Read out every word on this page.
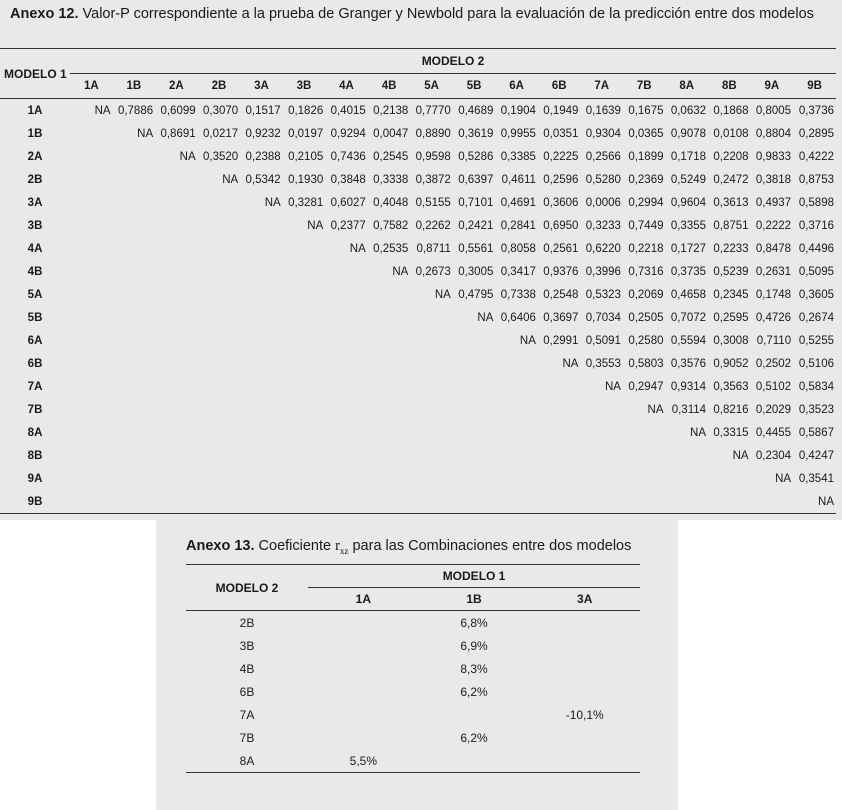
Anexo 12. Valor-P correspondiente a la prueba de Granger y Newbold para la evaluación de la predicción entre dos modelos
MODELO 1	MODELO 2																	
	1A	1B	2A	2B	3A	3B	4A	4B	5A	5B	6A	6B	7A	7B	8A	8B	9A	9B
1A	NA	0,7886	0,6099	0,3070	0,1517	0,1826	0,4015	0,2138	0,7770	0,4689	0,1904	0,1949	0,1639	0,1675	0,0632	0,1868	0,8005	0,3736
1B		NA	0,8691	0,0217	0,9232	0,0197	0,9294	0,0047	0,8890	0,3619	0,9955	0,0351	0,9304	0,0365	0,9078	0,0108	0,8804	0,2895
2A			NA	0,3520	0,2388	0,2105	0,7436	0,2545	0,9598	0,5286	0,3385	0,2225	0,2566	0,1899	0,1718	0,2208	0,9833	0,4222
2B				NA	0,5342	0,1930	0,3848	0,3338	0,3872	0,6397	0,4611	0,2596	0,5280	0,2369	0,5249	0,2472	0,3818	0,8753
3A					NA	0,3281	0,6027	0,4048	0,5155	0,7101	0,4691	0,3606	0,0006	0,2994	0,9604	0,3613	0,4937	0,5898
3B						NA	0,2377	0,7582	0,2262	0,2421	0,2841	0,6950	0,3233	0,7449	0,3355	0,8751	0,2222	0,3716
4A							NA	0,2535	0,8711	0,5561	0,8058	0,2561	0,6220	0,2218	0,1727	0,2233	0,8478	0,4496
4B								NA	0,2673	0,3005	0,3417	0,9376	0,3996	0,7316	0,3735	0,5239	0,2631	0,5095
5A									NA	0,4795	0,7338	0,2548	0,5323	0,2069	0,4658	0,2345	0,1748	0,3605
5B										NA	0,6406	0,3697	0,7034	0,2505	0,7072	0,2595	0,4726	0,2674
6A											NA	0,2991	0,5091	0,2580	0,5594	0,3008	0,7110	0,5255
6B												NA	0,3553	0,5803	0,3576	0,9052	0,2502	0,5106
7A													NA	0,2947	0,9314	0,3563	0,5102	0,5834
7B														NA	0,3114	0,8216	0,2029	0,3523
8A															NA	0,3315	0,4455	0,5867
8B																NA	0,2304	0,4247
9A																	NA	0,3541
9B																		NA
Anexo 13. Coeficiente $r_{xz}$ para las Combinaciones entre dos modelos
MODELO 2	MODELO 1		
	1A	1B	3A
2B		6,8%	
3B		6,9%	
4B		8,3%	
6B		6,2%	
7A			-10,1%
7B		6,2%	
8A	5,5%		
